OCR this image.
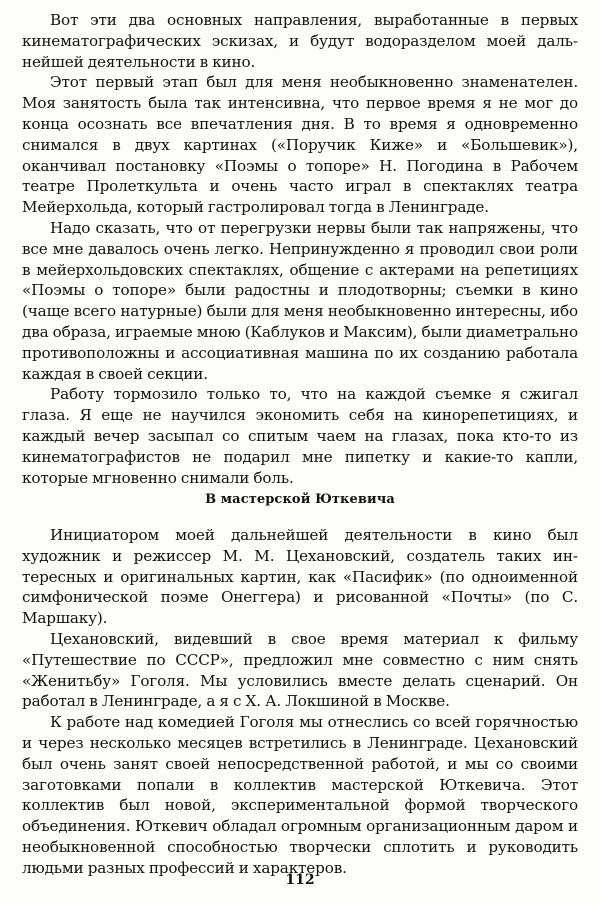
Вот эти два основных направления, выработанные в первых кинематографических эскизах, и будут водоразделом моей дальнейшей деятельности в кино.

Этот первый этап был для меня необыкновенно знаменателен. Моя занятость была так интенсивна, что первое время я не мог до конца осознать все впечатления дня. В то время я одновременно снимался в двух картинах («Поручик Киже» и «Большевик»), оканчивал постановку «Поэмы о топоре» Н. Погодина в Рабочем театре Пролеткульта и очень часто играл в спектаклях театра Мейерхольда, который гастролировал тогда в Ленинграде.

Надо сказать, что от перегрузки нервы были так напряжены, что все мне давалось очень легко. Непринужденно я проводил свои роли в мейерхольдовских спектаклях, общение с актерами на репетициях «Поэмы о топоре» были радостны и плодотворны; съемки в кино (чаще всего натурные) были для меня необыкновенно интересны, ибо два образа, играемые мною (Каблуков и Максим), были диаметрально противоположны и ассоциативная машина по их созданию работала каждая в своей секции.

Работу тормозило только то, что на каждой съемке я сжигал глаза. Я еще не научился экономить себя на кинорепетициях, и каждый вечер засыпал со спитым чаем на глазах, пока кто-то из кинематографистов не подарил мне пипетку и какие-то капли, которые мгновенно снимали боль.

В мастерской Юткевича

Инициатором моей дальнейшей деятельности в кино был художник и режиссер М. М. Цехановский, создатель таких интересных и оригинальных картин, как «Пасифик» (по одноименной симфонической поэме Онеггера) и рисованной «Почты» (по С. Маршаку).

Цехановский, видевший в свое время материал к фильму «Путешествие по СССР», предложил мне совместно с ним снять «Женитьбу» Гоголя. Мы условились вместе делать сценарий. Он работал в Ленинграде, а я с Х. А. Локшиной в Москве.

К работе над комедией Гоголя мы отнеслись со всей горячностью и через несколько месяцев встретились в Ленинграде. Цехановский был очень занят своей непосредственной работой, и мы со своими заготовками попали в коллектив мастерской Юткевича. Этот коллектив был новой, экспериментальной формой творческого объединения. Юткевич обладал огромным организационным даром и необыкновенной способностью творчески сплотить и руководить людьми разных профессий и характеров.

112
